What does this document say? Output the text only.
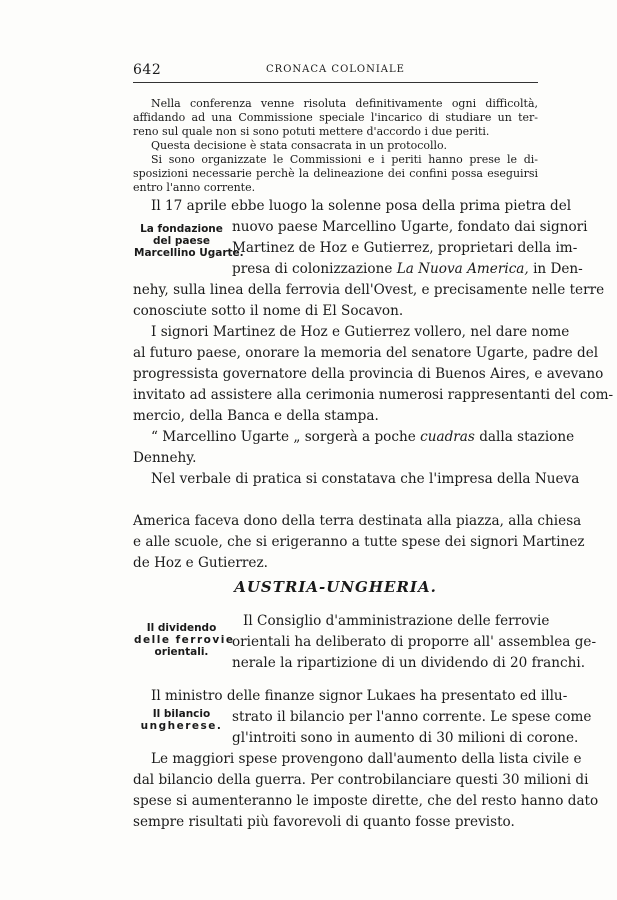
642	CRONACA COLONIALE
Nella conferenza venne risoluta definitivamente ogni difficoltà,
affidando ad una Commissione speciale l'incarico di studiare un ter-
reno sul quale non si sono potuti mettere d'accordo i due periti.
Questa decisione è stata consacrata in un protocollo.
Si sono organizzate le Commissioni e i periti hanno prese le di-
sposizioni necessarie perchè la delineazione dei confini possa eseguirsi
entro l'anno corrente.
Il 17 aprile ebbe luogo la solenne posa della prima pietra del
La fondazione
del paese
Marcellino Ugarte.
nuovo paese Marcellino Ugarte, fondato dai signori
Martinez de Hoz e Gutierrez, proprietari della im-
presa di colonizzazione La Nuova America, in Den-
nehy, sulla linea della ferrovia dell'Ovest, e precisamente nelle terre
conosciute sotto il nome di El Socavon.
I signori Martinez de Hoz e Gutierrez vollero, nel dare nome
al futuro paese, onorare la memoria del senatore Ugarte, padre del
progressista governatore della provincia di Buenos Aires, e avevano
invitato ad assistere alla cerimonia numerosi rappresentanti del com-
mercio, della Banca e della stampa.
“ Marcellino Ugarte „ sorgerà a poche cuadras dalla stazione
Dennehy.
Nel verbale di pratica si constatava che l'impresa della Nueva
America faceva dono della terra destinata alla piazza, alla chiesa
e alle scuole, che si erigeranno a tutte spese dei signori Martinez
AUSTRIA-UNGHERIA.
Il dividendo
delle ferrovie
orientali.
Il Consiglio d'amministrazione delle ferrovie
orientali ha deliberato di proporre all' assemblea ge-
nerale la ripartizione di un dividendo di 20 franchi.
Il ministro delle finanze signor Lukaes ha presentato ed illu-
Il bilancio
ungherese.
strato il bilancio per l'anno corrente. Le spese come
gl'introiti sono in aumento di 30 milioni di corone.
Le maggiori spese provengono dall'aumento della lista civile e
dal bilancio della guerra. Per controbilanciare questi 30 milioni di
spese si aumenteranno le imposte dirette, che del resto hanno dato
sempre risultati più favorevoli di quanto fosse previsto.
de Hoz e Gutierrez.
